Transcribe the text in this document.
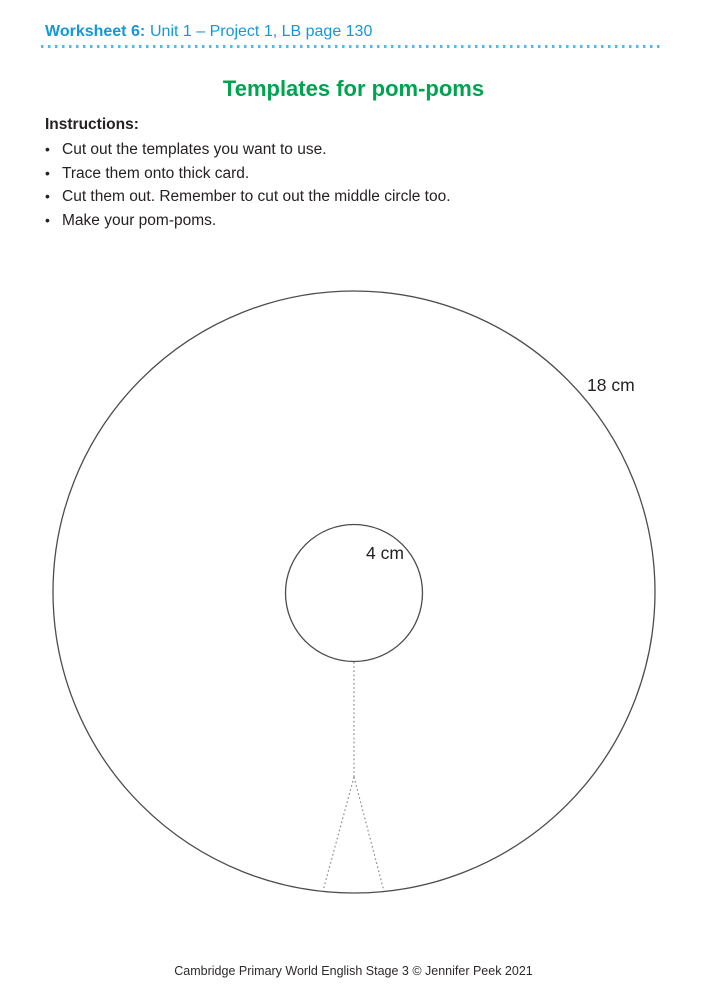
Worksheet 6: Unit 1 – Project 1, LB page 130
Templates for pom-poms
Instructions:
• Cut out the templates you want to use.
• Trace them onto thick card.
• Cut them out. Remember to cut out the middle circle too.
• Make your pom-poms.
18 cm
4 cm
Cambridge Primary World English Stage 3 © Jennifer Peek 2021
